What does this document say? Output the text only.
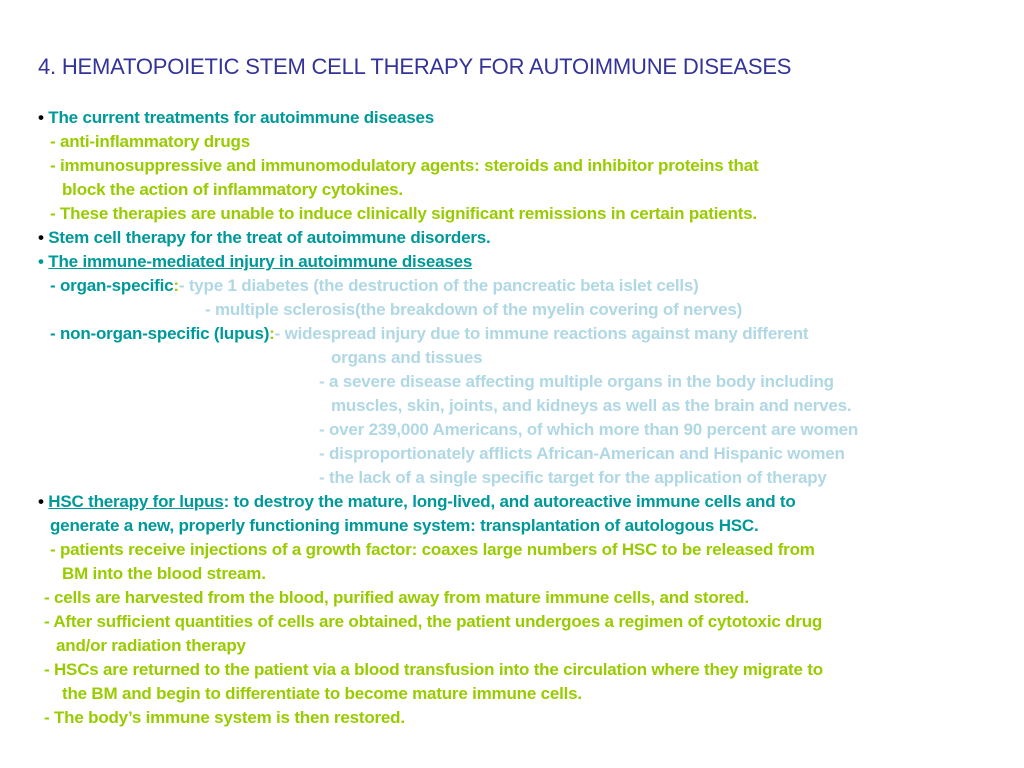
4. HEMATOPOIETIC STEM CELL THERAPY FOR AUTOIMMUNE DISEASES
• The current treatments for autoimmune diseases
- anti-inflammatory drugs
- immunosuppressive and immunomodulatory agents: steroids and inhibitor proteins that
block the action of inflammatory cytokines.
- These therapies are unable to induce clinically significant remissions in certain patients.
• Stem cell therapy for the treat of autoimmune disorders.
• The immune-mediated injury in autoimmune diseases
- organ-specific:- type 1 diabetes (the destruction of the pancreatic beta islet cells)
- multiple sclerosis(the breakdown of the myelin covering of nerves)
- non-organ-specific (lupus):- widespread injury due to immune reactions against many different
organs and tissues
- a severe disease affecting multiple organs in the body including
muscles, skin, joints, and kidneys as well as the brain and nerves.
- over 239,000 Americans, of which more than 90 percent are women
- disproportionately afflicts African-American and Hispanic women
- the lack of a single specific target for the application of therapy
• HSC therapy for lupus: to destroy the mature, long-lived, and autoreactive immune cells and to
generate a new, properly functioning immune system: transplantation of autologous HSC.
- patients receive injections of a growth factor: coaxes large numbers of HSC to be released from
BM into the blood stream.
- cells are harvested from the blood, purified away from mature immune cells, and stored.
- After sufficient quantities of cells are obtained, the patient undergoes a regimen of cytotoxic drug
and/or radiation therapy
- HSCs are returned to the patient via a blood transfusion into the circulation where they migrate to
the BM and begin to differentiate to become mature immune cells.
- The body’s immune system is then restored.
